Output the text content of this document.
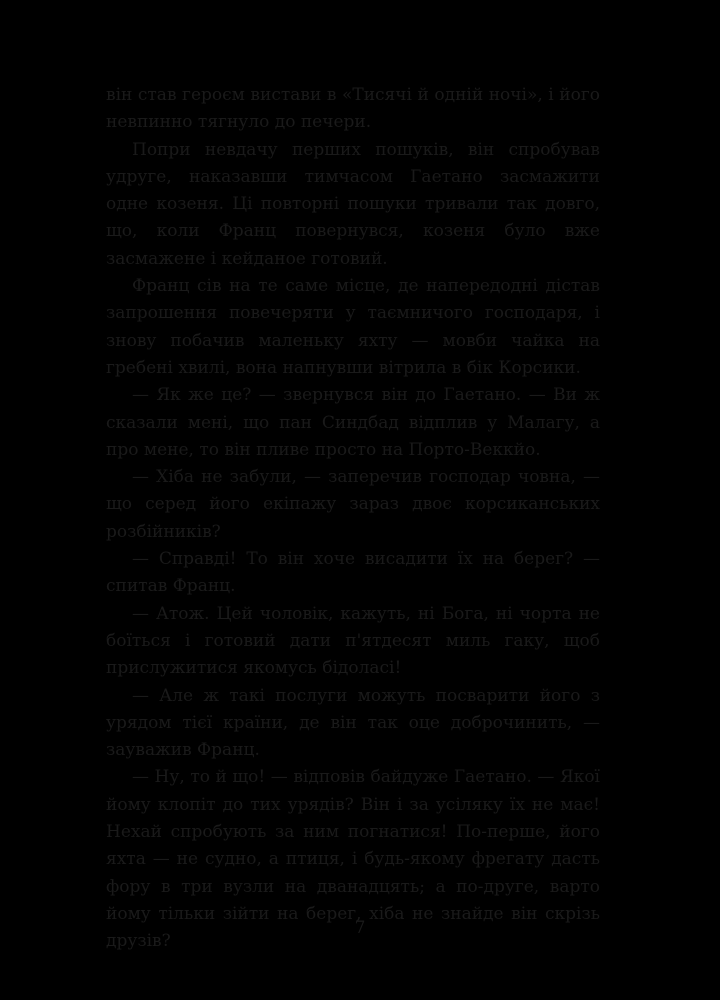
він став героєм вистави в «Тисячі й одній ночі», і його невпинно тягнуло до печери.

Попри невдачу перших пошуків, він спробував удруге, наказавши тимчасом Гаетано засмажити одне козеня. Ці повторні пошуки тривали так довго, що, коли Франц повернувся, козеня було вже засмажене і кейданое готовий.

Франц сів на те саме місце, де напередодні дістав запрошення повечеряти у таємничого господаря, і знову побачив маленьку яхту — мовби чайка на гребені хвилі, вона напнувши вітрила в бік Корсики.

— Як же це? — звернувся він до Гаетано. — Ви ж сказали мені, що пан Синдбад відплив у Малагу, а про мене, то він пливе просто на Порто-Веккйо.

— Хіба не забули, — заперечив господар човна, — що серед його екіпажу зараз двоє корсиканських розбійників?

— Справді! То він хоче висадити їх на берег? — спитав Франц.

— Атож. Цей чоловік, кажуть, ні Бога, ні чорта не боїться і готовий дати п'ятдесят миль гаку, щоб прислужитися якомусь бідоласі!

— Але ж такі послуги можуть посварити його з урядом тієї країни, де він так оце доброчинить, — зауважив Франц.

— Ну, то й що! — відповів байдуже Гаетано. — Якої йому клопіт до тих урядів? Він і за усіляку їх не має! Нехай спробують за ним погнатися! По-перше, його яхта — не судно, а птиця, і будь-якому фрегату дасть фору в три вузли на дванадцять; а по-друге, варто йому тільки зійти на берег, хіба не знайде він скрізь друзів?

7
